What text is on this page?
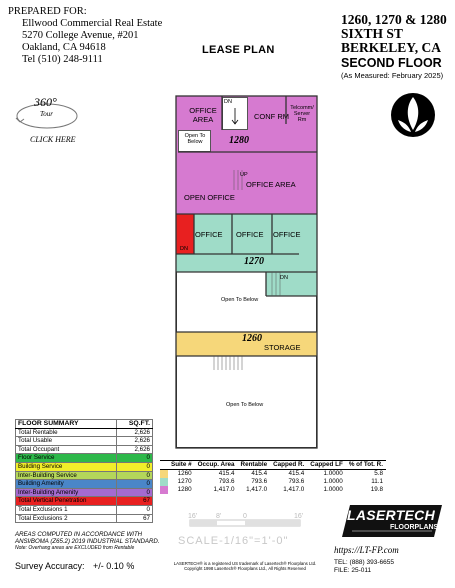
PREPARED FOR:
Ellwood Commercial Real Estate
5270 College Avenue, #201
Oakland, CA 94618
Tel (510) 248-9111
1260, 1270 & 1280
SIXTH ST
BERKELEY, CA
SECOND FLOOR
(As Measured: February 2025)
LEASE PLAN
360°
Tour
CLICK HERE	Open To Below
DN
OFFICE AREA	CONF RM
Telcomm/ Server Rm
1280
UP
OFFICE AREA
OPEN OFFICE
DN
OFFICE OFFICE OFFICE
1270
DN
Open To Below
1260
STORAGE
Open To Below
FLOOR SUMMARY	SQ.FT.
Total Rentable	2,626
Total Usable	2,626
Total Occupant	2,626
Floor Service	0
Building Service	0
Inter-Building Service	0
Building Amenity	0
Inter-Building Amenity	0
Total Vertical Penetration	67
Total Exclusions 1	0
Total Exclusions 2	67
AREAS COMPUTED IN ACCORDANCE WITH
ANSI/BOMA (Z65.2) 2019 INDUSTRIAL STANDARD.
Note: Overhang areas are EXCLUDED from Rentable
Survey Accuracy: +/- 0.10 %
	Suite #	Occup. Area	Rentable	Capped R.	Capped LF	% of Tot. R.
	1260	415.4	415.4	415.4	1.0000	5.8
	1270	793.6	793.6	793.6	1.0000	11.1
	1280	1,417.0	1,417.0	1,417.0	1.0000	19.8
16'	8'	0	16'
SCALE-1/16"=1'-0"
LASERTECH® is a registered US trademark of Lasertech® Floorplans Ltd.
Copyright 1998 Lasertech® Floorplans Ltd., All Rights Reserved
LASERTECH
FLOORPLANS
https://LT-FP.com
TEL: (888) 393-6655
FILE: 25-011
